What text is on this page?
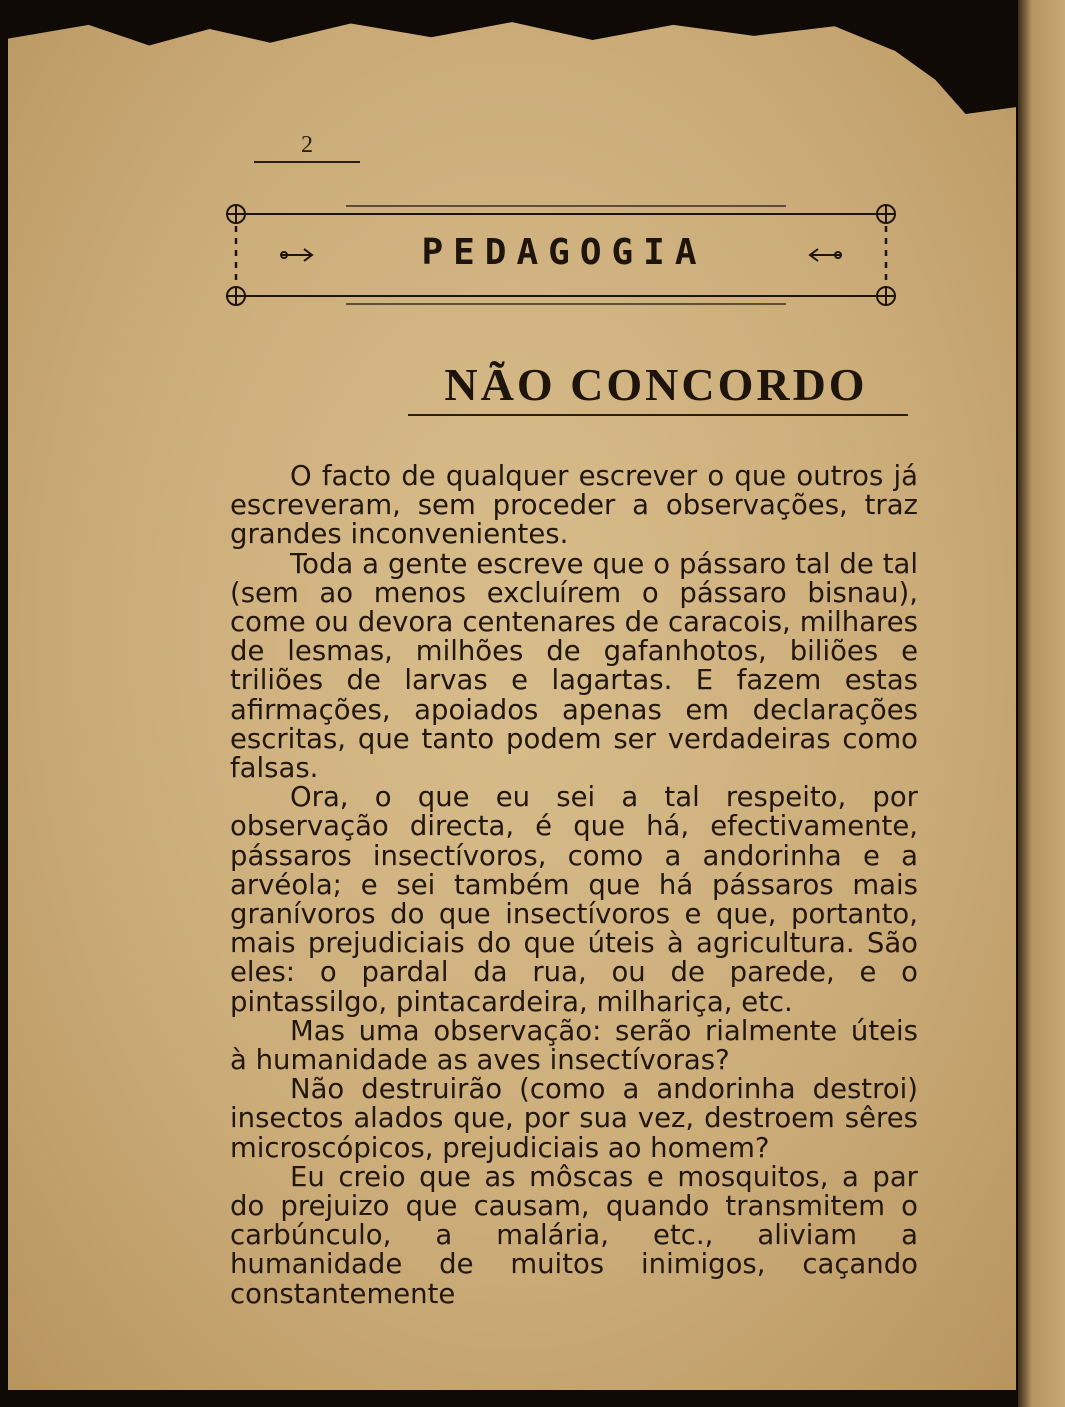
2
PEDAGOGIA
NÃO CONCORDO

O facto de qualquer escrever o que outros já escreveram, sem proceder a observações, traz grandes inconvenientes.

Toda a gente escreve que o pássaro tal de tal (sem ao menos excluírem o pássaro bisnau), come ou devora centenares de caracois, milhares de lesmas, milhões de gafanhotos, biliões e triliões de larvas e lagartas. E fazem estas afirmações, apoiados apenas em declarações escritas, que tanto podem ser verdadeiras como falsas.

Ora, o que eu sei a tal respeito, por observação directa, é que há, efectivamente, pássaros insectívoros, como a andorinha e a arvéola; e sei também que há pássaros mais granívoros do que insectívoros e que, portanto, mais prejudiciais do que úteis à agricultura. São eles: o pardal da rua, ou de parede, e o pintassilgo, pintacardeira, milhariça, etc.

Mas uma observação: serão rialmente úteis à humanidade as aves insectívoras?

Não destruirão (como a andorinha destroi) insectos alados que, por sua vez, destroem sêres microscópicos, prejudiciais ao homem?

Eu creio que as môscas e mosquitos, a par do prejuizo que causam, quando transmitem o carbúnculo, a malária, etc., aliviam a humanidade de muitos inimigos, caçando constantemente
